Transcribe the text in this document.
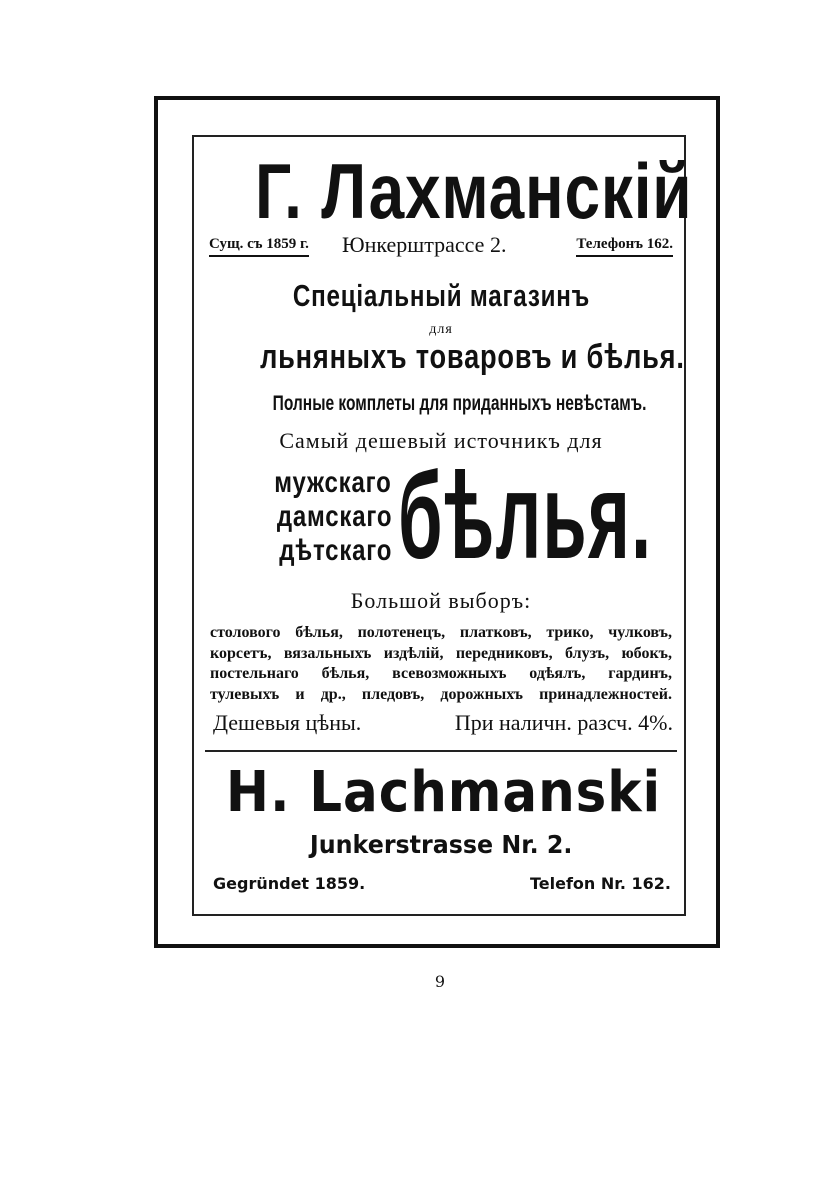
Г. Лахманскій
Сущ. съ 1859 г. Юнкерштрассе 2.	Телефонъ 162.
Спеціальный магазинъ
для
льняныхъ товаровъ и бѣлья.
Полные комплеты для приданныхъ невѣстамъ.
Самый дешевый источникъ для
мужскаго
дамскаго
дѣтскаго бѣлья.
Большой выборъ:
столового бѣлья, полотенецъ, платковъ, трико, чулковъ,
корсетъ, вязальныхъ издѣлій, передниковъ, блузъ, юбокъ,
постельнаго бѣлья, всевозможныхъ одѣялъ, гардинъ,
тулевыхъ и др., пледовъ, дорожныхъ принадлежностей.
Дешевыя цѣны.	При наличн. разсч. 4%.
H. Lachmanski
Junkerstrasse Nr. 2.
Gegründet 1859.	Telefon Nr. 162.
9
